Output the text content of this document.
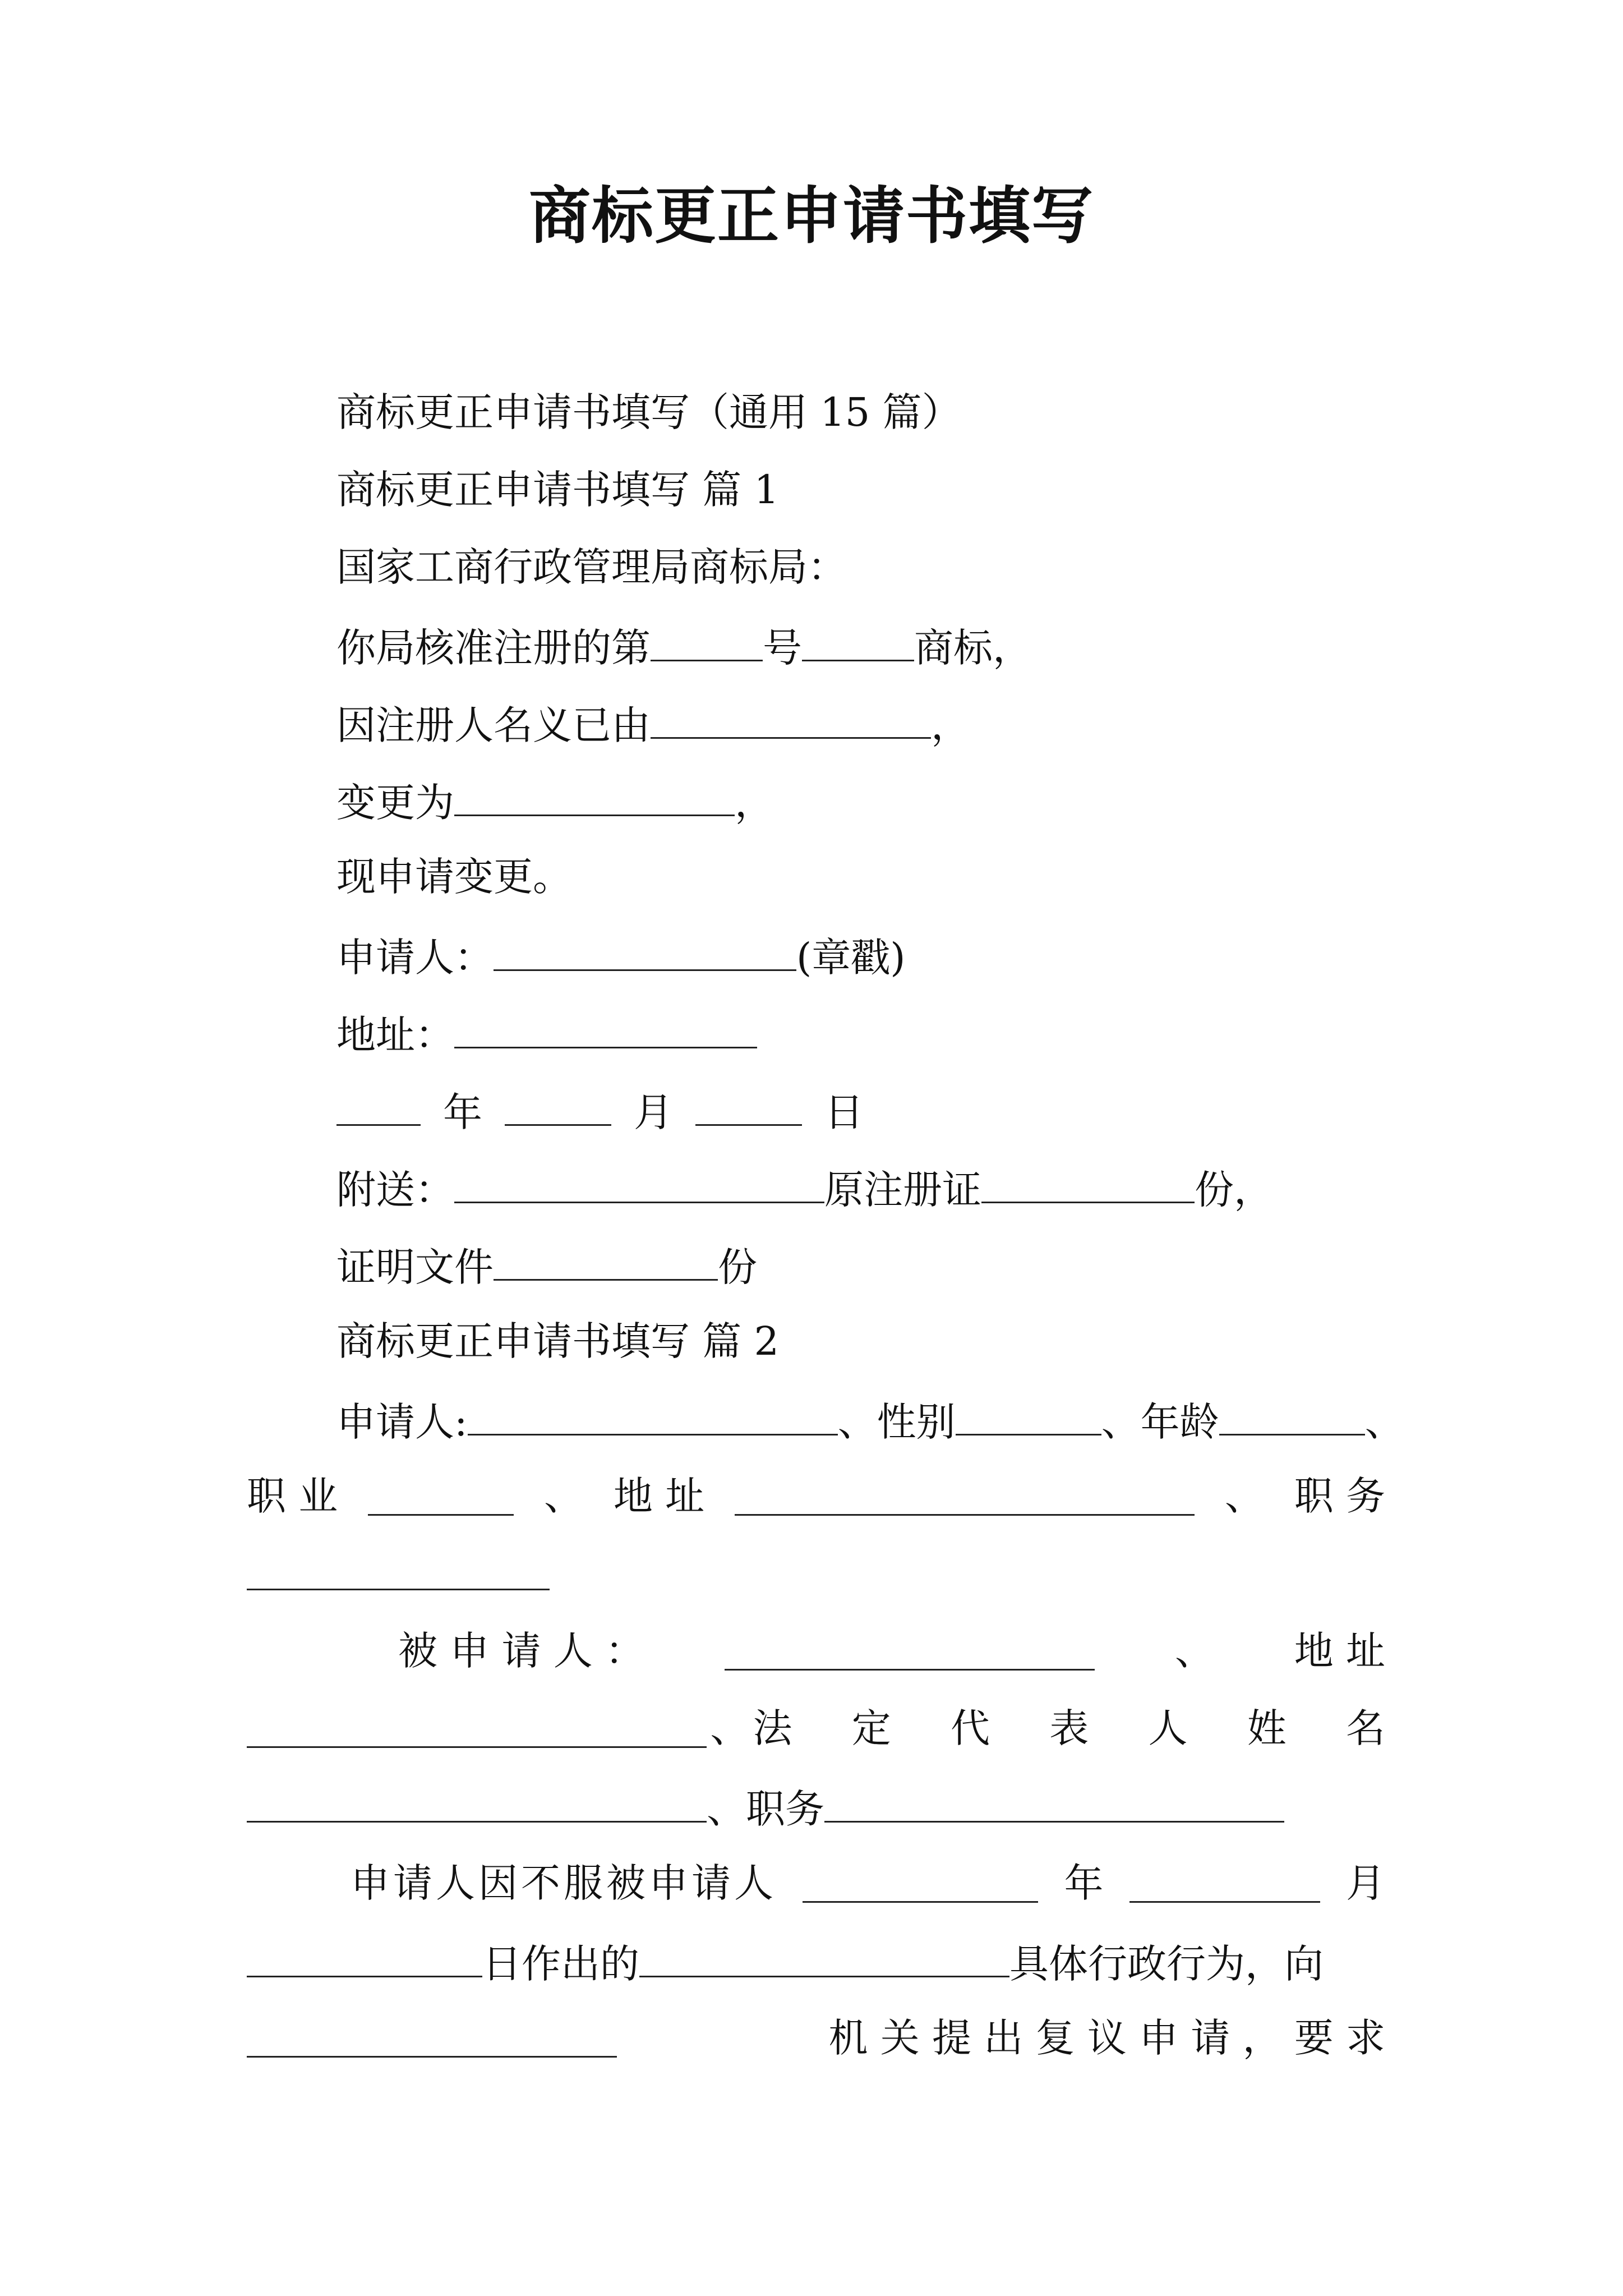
商标更正申请书填写
商标更正申请书填写（通用 15 篇）
商标更正申请书填写 篇 1
国家工商行政管理局商标局：
你局核准注册的第	号	商标，
因注册人名义已由	，
变更为	，
现申请变更。
申请人：	(章戳)
地址：
年	月	日
附送：	原注册证	份，
证明文件	份
商标更正申请书填写 篇 2
申请人:	、性别	、年龄	、
职 业	、 地 址	、 职 务
被 申 请 人 ：	、 地 址
、 法 定 代 表 人 姓 名
、职务
申请人因不服被申请人	年	月
日作出的	具体行政行为，向
机 关 提 出 复 议 申 请 ， 要 求
